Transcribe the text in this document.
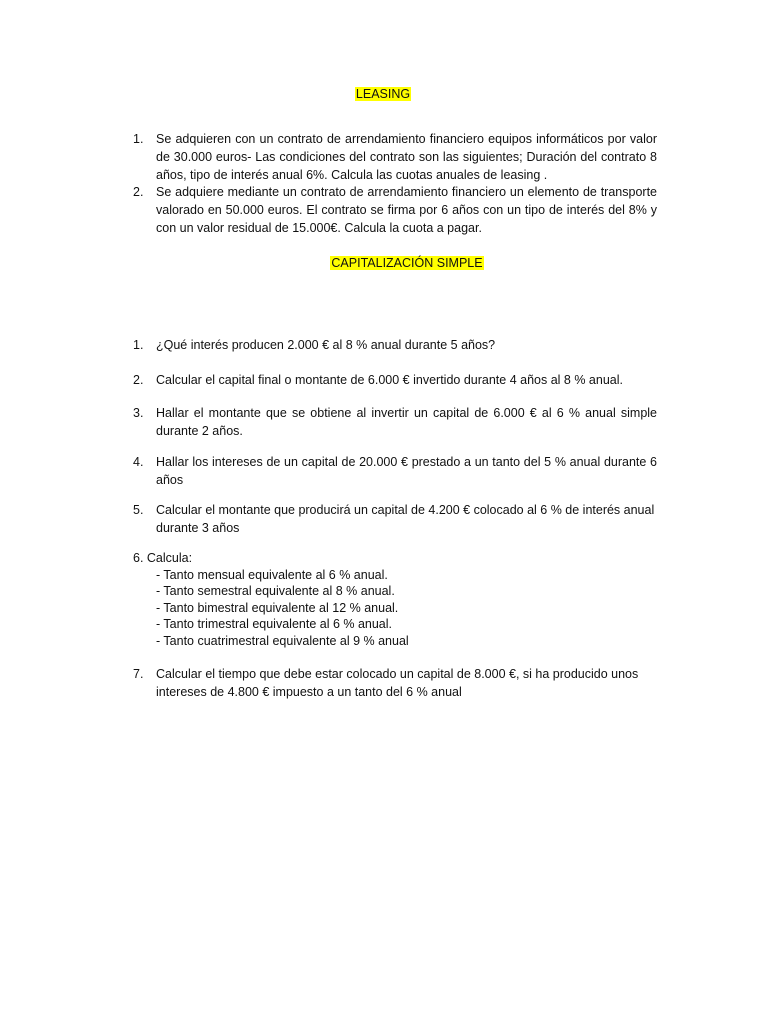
LEASING
1. Se adquieren con un contrato de arrendamiento financiero equipos informáticos por valor de 30.000 euros- Las condiciones del contrato son las siguientes; Duración del contrato 8 años, tipo de interés anual 6%. Calcula las cuotas anuales de leasing .
2. Se adquiere mediante un contrato de arrendamiento financiero un elemento de transporte valorado en 50.000 euros. El contrato se firma por 6 años con un tipo de interés del 8% y con un valor residual de 15.000€. Calcula la cuota a pagar.
CAPITALIZACIÓN SIMPLE
1. ¿Qué interés producen 2.000 € al 8 % anual durante 5 años?
2. Calcular el capital final o montante de 6.000 € invertido durante 4 años al 8 % anual.
3. Hallar el montante que se obtiene al invertir un capital de 6.000 € al 6 % anual simple durante 2 años.
4. Hallar los intereses de un capital de 20.000 € prestado a un tanto del 5 % anual durante 6 años
5. Calcular el montante que producirá un capital de 4.200 € colocado al 6 % de interés anual durante 3 años
6. Calcula:
- Tanto mensual equivalente al 6 % anual.
- Tanto semestral equivalente al 8 % anual.
- Tanto bimestral equivalente al 12 % anual.
- Tanto trimestral equivalente al 6 % anual.
- Tanto cuatrimestral equivalente al 9 % anual
7. Calcular el tiempo que debe estar colocado un capital de 8.000 €, si ha producido unos intereses de 4.800 € impuesto a un tanto del 6 % anual
